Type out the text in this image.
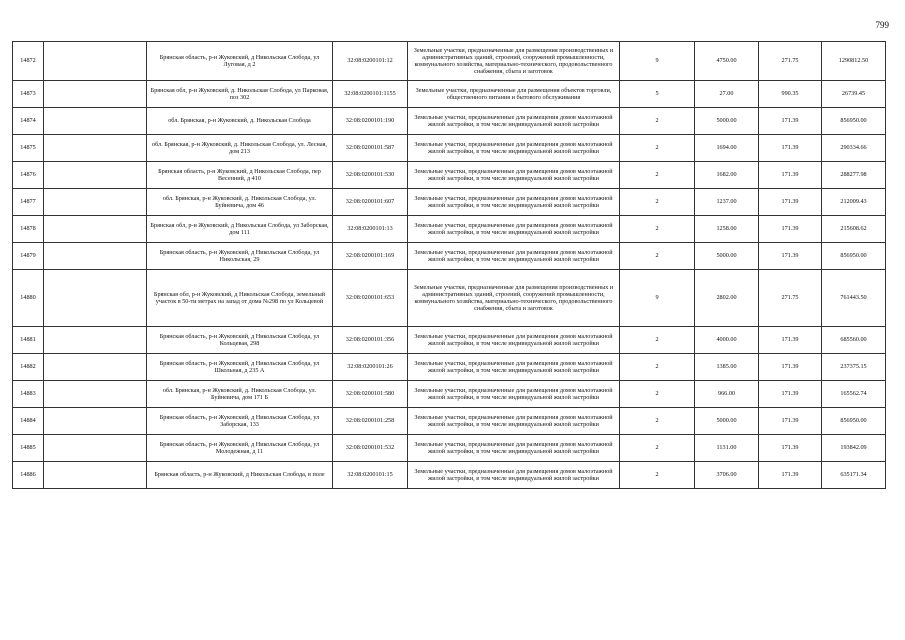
799
14872		Брянская область, р-н Жуковский, д Никольская Слобода, ул Луговая, д 2	32:08:0200101:12	Земельные участки, предназначенные для размещения производственных и административных зданий, строений, сооружений промышленности, коммунального хозяйства, материально-технического, продовольственного снабжения, сбыта и заготовок	9	4750.00	271.75	1290812.50
14873		Брянская обл, р-н Жуковский, д. Никольская Слобода, ул Парковая, поз 302	32:08:0200101:1155	Земельные участки, предназначенные для размещения объектов торговли, общественного питания и бытового обслуживания	5	27.00	990.35	26739.45
14874		обл. Брянская, р-н Жуковский, д. Никольская Слобода	32:08:0200101:190	Земельные участки, предназначенные для размещения домов малоэтажной жилой застройки, в том числе индивидуальной жилой застройки	2	5000.00	171.39	856950.00
14875		обл. Брянская, р-н Жуковский, д. Никольская Слобода, ул. Лесная, дом 213	32:08:0200101:587	Земельные участки, предназначенные для размещения домов малоэтажной жилой застройки, в том числе индивидуальной жилой застройки	2	1694.00	171.39	290334.66
14876		Брянская область, р-н Жуковский, д Никольская Слобода, пер Весенний, д 410	32:08:0200101:530	Земельные участки, предназначенные для размещения домов малоэтажной жилой застройки, в том числе индивидуальной жилой застройки	2	1682.00	171.39	288277.98
14877		обл. Брянская, р-н Жуковский, д. Никольская Слобода, ул. Буйневича, дом 46	32:08:0200101:607	Земельные участки, предназначенные для размещения домов малоэтажной жилой застройки, в том числе индивидуальной жилой застройки	2	1237.00	171.39	212009.43
14878		Брянская обл, р-н Жуковский, д Никольская Слобода, ул Заборская, дом 111	32:08:0200101:13	Земельные участки, предназначенные для размещения домов малоэтажной жилой застройки, в том числе индивидуальной жилой застройки	2	1258.00	171.39	215608.62
14879		Брянская область, р-н Жуковский, д Никольская Слобода, ул Никольская, 29	32:08:0200101:169	Земельные участки, предназначенные для размещения домов малоэтажной жилой застройки, в том числе индивидуальной жилой застройки	2	5000.00	171.39	856950.00
14880		Брянская обл, р-н Жуковский, д Никольская Слобода, земельный участок в 50-ти метрах на запад от дома №298 по ул Кольцевой	32:08:0200101:653	Земельные участки, предназначенные для размещения производственных и административных зданий, строений, сооружений промышленности, коммунального хозяйства, материально-технического, продовольственного снабжения, сбыта и заготовок	9	2802.00	271.75	761443.50
14881		Брянская область, р-н Жуковский, д Никольская Слобода, ул Кольцевая, 298	32:08:0200101:356	Земельные участки, предназначенные для размещения домов малоэтажной жилой застройки, в том числе индивидуальной жилой застройки	2	4000.00	171.39	685560.00
14882		Брянская область, р-н Жуковский, д Никольская Слобода, ул Школьная, д 235 А	32:08:0200101:26	Земельные участки, предназначенные для размещения домов малоэтажной жилой застройки, в том числе индивидуальной жилой застройки	2	1385.00	171.39	237375.15
14883		обл. Брянская, р-н Жуковский, д. Никольская Слобода, ул. Буйневича, дом 171 Б	32:08:0200101:580	Земельные участки, предназначенные для размещения домов малоэтажной жилой застройки, в том числе индивидуальной жилой застройки	2	966.00	171.39	165562.74
14884		Брянская область, р-н Жуковский, д Никольская Слобода, ул Заборская, 133	32:08:0200101:258	Земельные участки, предназначенные для размещения домов малоэтажной жилой застройки, в том числе индивидуальной жилой застройки	2	5000.00	171.39	856950.00
14885		Брянская область, р-н Жуковский, д Никольская Слобода, ул Молодежная, д 11	32:08:0200101:532	Земельные участки, предназначенные для размещения домов малоэтажной жилой застройки, в том числе индивидуальной жилой застройки	2	1131.00	171.39	193842.09
14886		Брянская область, р-н Жуковский, д Никольская Слобода, в поле	32:08:0200101:15	Земельные участки, предназначенные для размещения домов малоэтажной жилой застройки, в том числе индивидуальной жилой застройки	2	3706.00	171.39	635171.34
